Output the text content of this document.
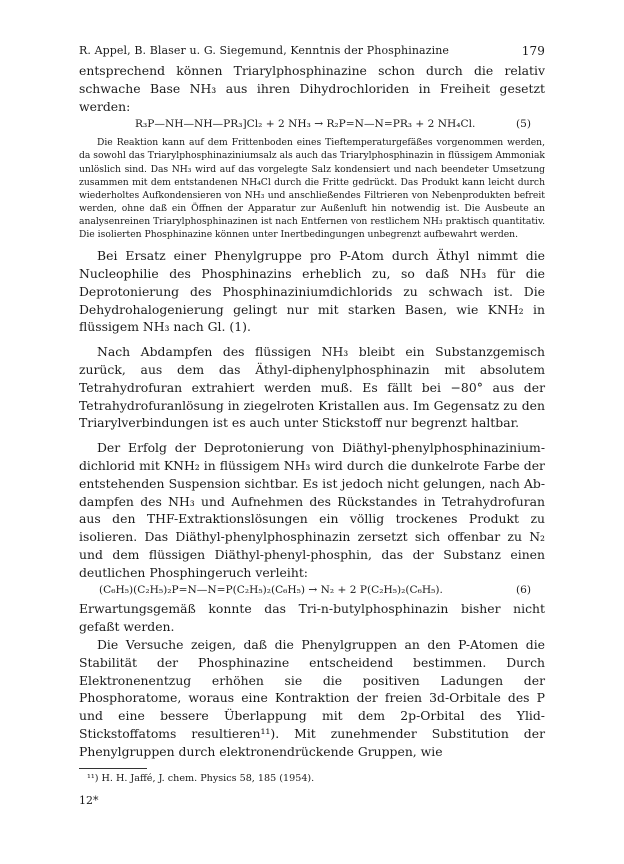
R. Appel, B. Blaser u. G. Siegemund, Kenntnis der Phosphinazine	179

entsprechend können Triarylphosphinazine schon durch die relativ schwache Base NH₃ aus ihren Dihydrochloriden in Freiheit gesetzt werden:

R₃P—NH—NH—PR₃]Cl₂ + 2 NH₃ → R₂P=N—N=PR₃ + 2 NH₄Cl.	(5)

Die Reaktion kann auf dem Frittenboden eines Tieftemperaturgefäßes vorgenommen werden, da sowohl das Triarylphosphinaziniumsalz als auch das Triarylphosphinazin in flüssigem Ammoniak unlöslich sind. Das NH₃ wird auf das vorgelegte Salz kondensiert und nach beendeter Umsetzung zusammen mit dem entstandenen NH₄Cl durch die Fritte gedrückt. Das Produkt kann leicht durch wiederholtes Aufkondensieren von NH₃ und anschließendes Filtrieren von Nebenprodukten befreit werden, ohne daß ein Öffnen der Apparatur zur Außenluft hin notwendig ist. Die Ausbeute an analysenreinen Triarylphosphinazinen ist nach Entfernen von restlichem NH₃ praktisch quantitativ. Die isolierten Phosphinazine können unter Inertbedingungen unbegrenzt aufbewahrt werden.

Bei Ersatz einer Phenylgruppe pro P-Atom durch Äthyl nimmt die Nucleophilie des Phosphinazins erheblich zu, so daß NH₃ für die Deprotonierung des Phosphinaziniumdichlorids zu schwach ist. Die Dehydrohalogenierung gelingt nur mit starken Basen, wie KNH₂ in flüssigem NH₃ nach Gl. (1).

Nach Abdampfen des flüssigen NH₃ bleibt ein Substanzgemisch zurück, aus dem das Äthyl-diphenylphosphinazin mit absolutem Tetrahydrofuran extrahiert werden muß. Es fällt bei −80° aus der Tetrahydrofuranlösung in ziegelroten Kristallen aus. Im Gegensatz zu den Triarylverbindungen ist es auch unter Stickstoff nur begrenzt haltbar.

Der Erfolg der Deprotonierung von Diäthyl-phenylphosphinaziniumdichlorid mit KNH₂ in flüssigem NH₃ wird durch die dunkelrote Farbe der entstehenden Suspension sichtbar. Es ist jedoch nicht gelungen, nach Abdampfen des NH₃ und Aufnehmen des Rückstandes in Tetrahydrofuran aus den THF-Extraktionslösungen ein völlig trockenes Produkt zu isolieren. Das Diäthyl-phenylphosphinazin zersetzt sich offenbar zu N₂ und dem flüssigen Diäthyl-phenyl-phosphin, das der Substanz einen deutlichen Phosphingeruch verleiht:

(C₆H₅)(C₂H₅)₂P=N—N=P(C₂H₅)₂(C₆H₅) → N₂ + 2 P(C₂H₅)₂(C₆H₅).	(6)

Erwartungsgemäß konnte das Tri-n-butylphosphinazin bisher nicht gefaßt werden.

Die Versuche zeigen, daß die Phenylgruppen an den P-Atomen die Stabilität der Phosphinazine entscheidend bestimmen. Durch Elektronenentzug erhöhen sie die positiven Ladungen der Phosphoratome, woraus eine Kontraktion der freien 3d-Orbitale des P und eine bessere Überlappung mit dem 2p-Orbital des Ylid-Stickstoffatoms resultieren¹¹). Mit zunehmender Substitution der Phenylgruppen durch elektronendrückende Gruppen, wie

¹¹) H. H. Jaffé, J. chem. Physics 58, 185 (1954).
12*
